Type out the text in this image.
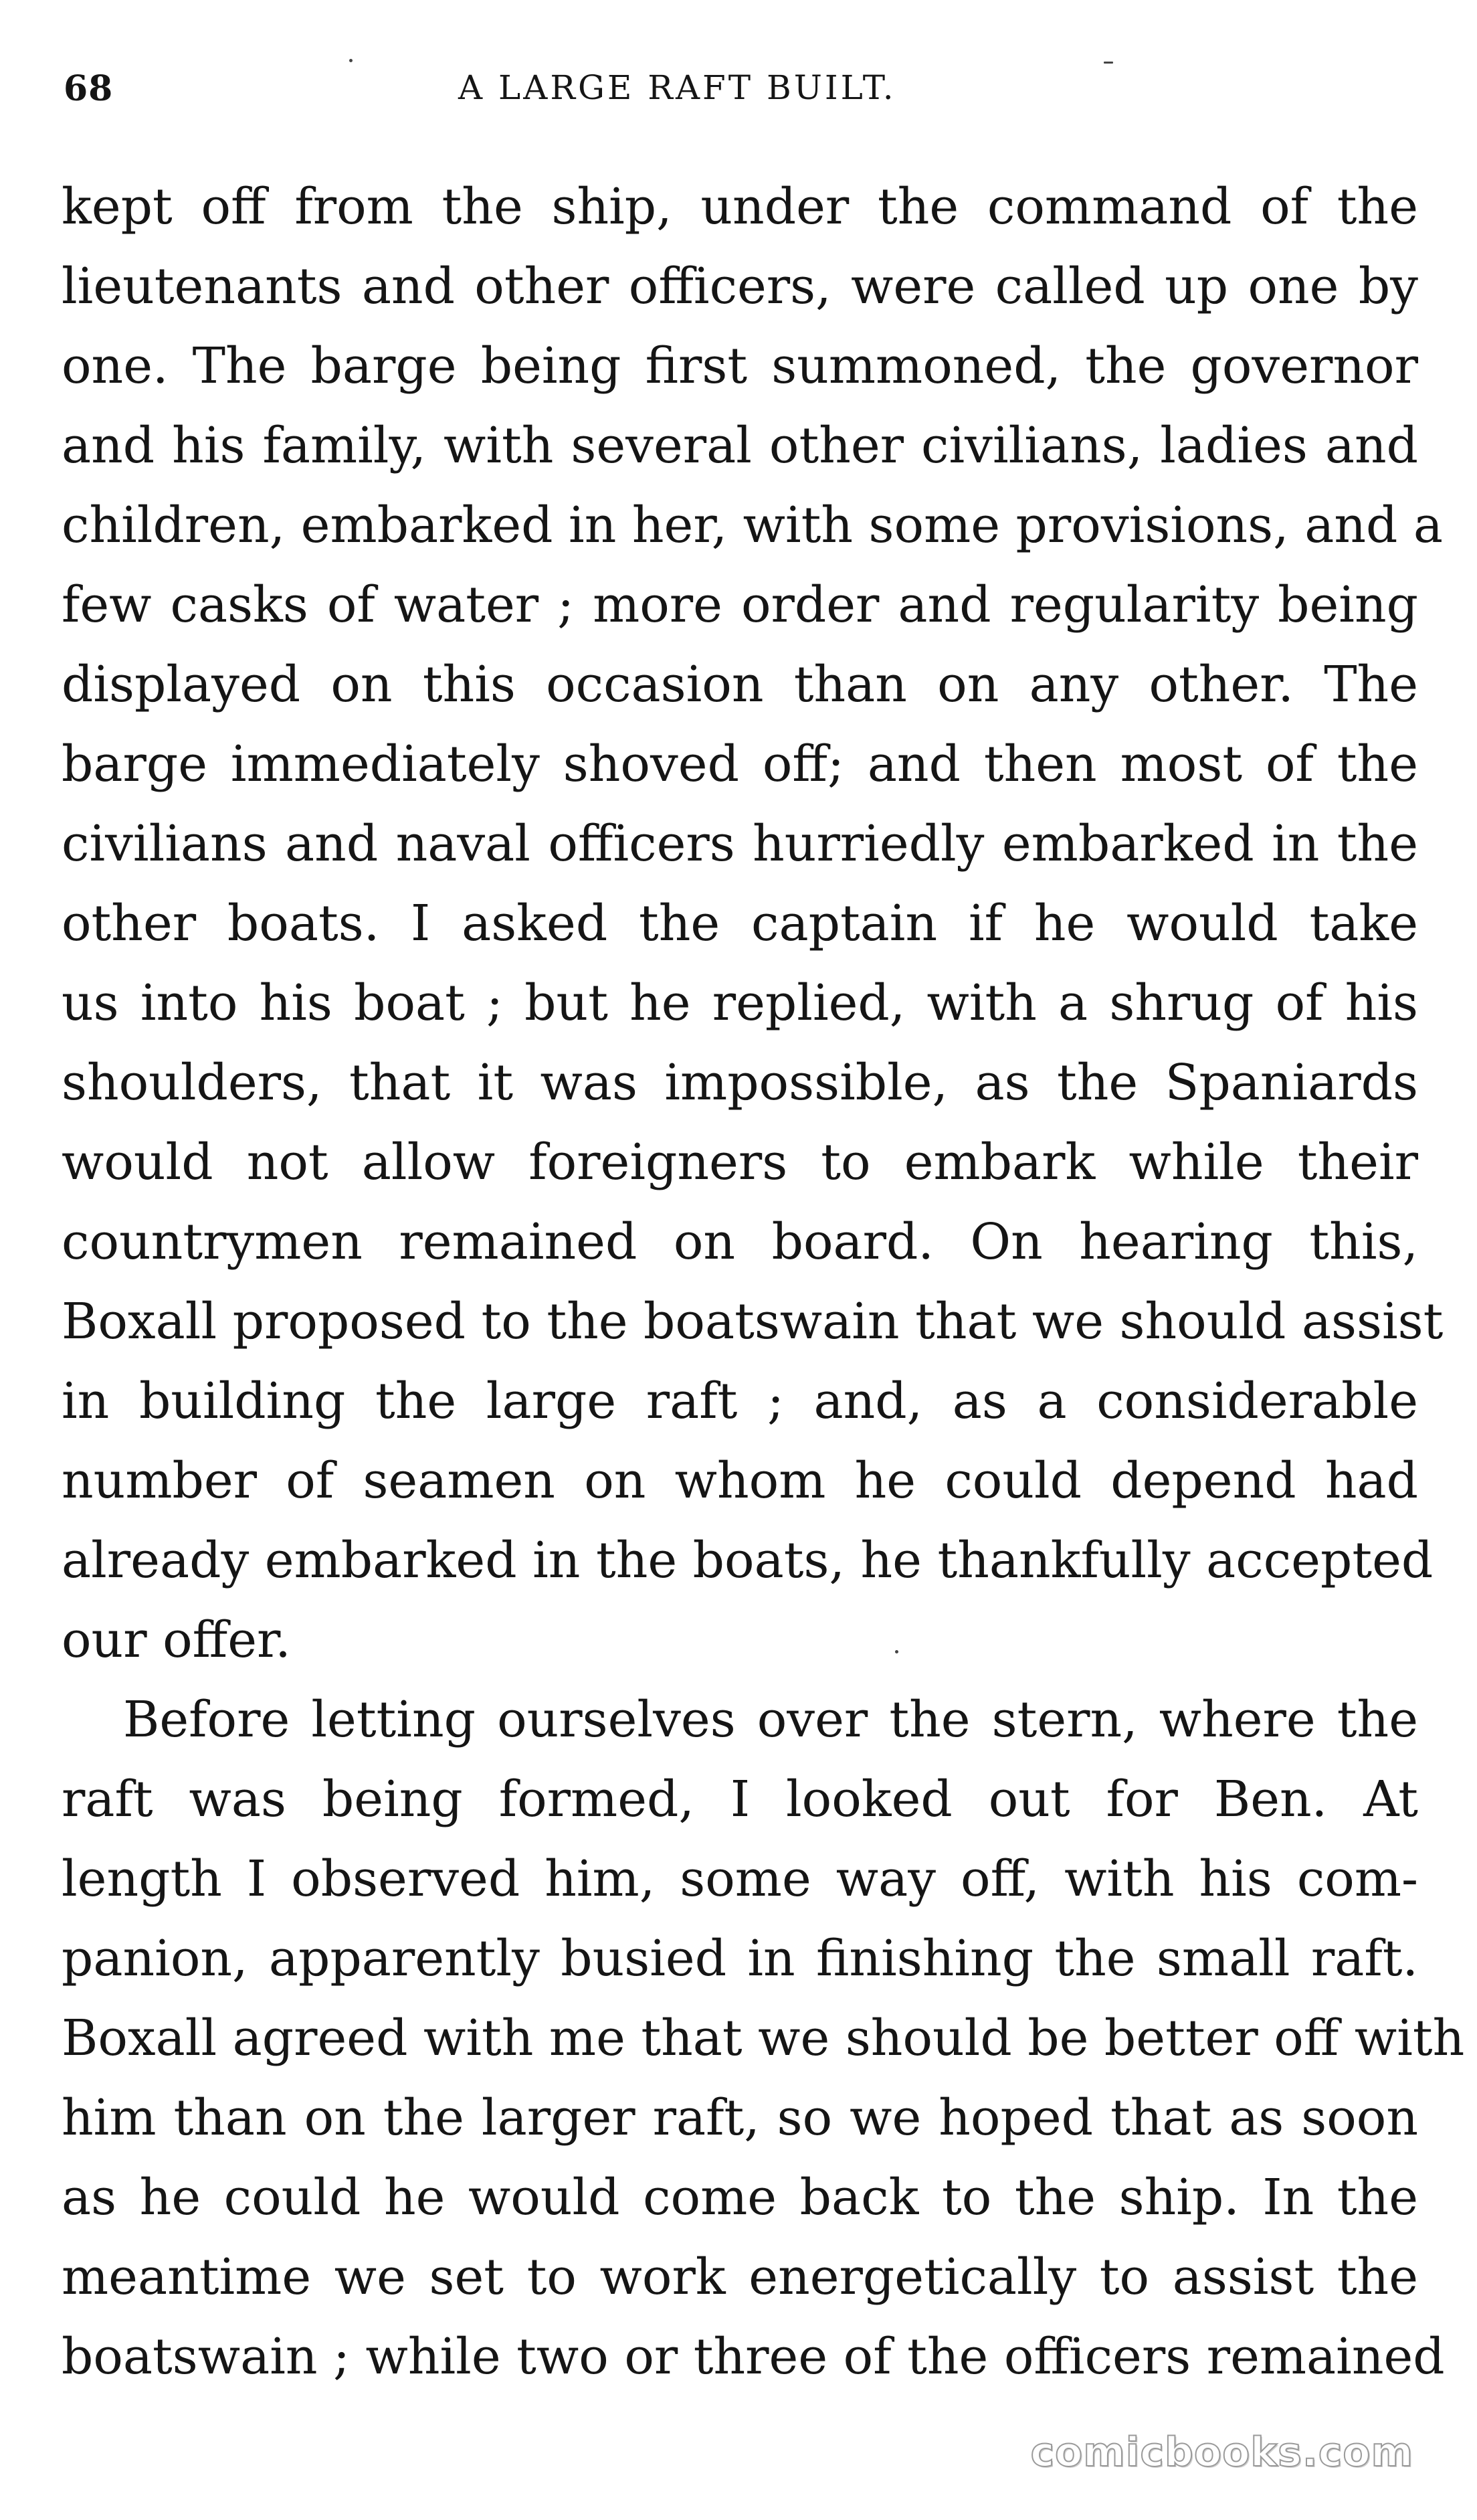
68	A LARGE RAFT BUILT.
kept off from the ship, under the command of the
lieutenants and other officers, were called up one by
one. The barge being first summoned, the governor
and his family, with several other civilians, ladies and
children, embarked in her, with some provisions, and a
few casks of water ; more order and regularity being
displayed on this occasion than on any other. The
barge immediately shoved off; and then most of the
civilians and naval officers hurriedly embarked in the
other boats. I asked the captain if he would take
us into his boat ; but he replied, with a shrug of his
shoulders, that it was impossible, as the Spaniards
would not allow foreigners to embark while their
countrymen remained on board. On hearing this,
Boxall proposed to the boatswain that we should assist
in building the large raft ; and, as a considerable
number of seamen on whom he could depend had
already embarked in the boats, he thankfully accepted
our offer.
Before letting ourselves over the stern, where the
raft was being formed, I looked out for Ben. At
length I observed him, some way off, with his com-
panion, apparently busied in finishing the small raft.
Boxall agreed with me that we should be better off with
him than on the larger raft, so we hoped that as soon
as he could he would come back to the ship. In the
meantime we set to work energetically to assist the
boatswain ; while two or three of the officers remained
comicbooks.com
